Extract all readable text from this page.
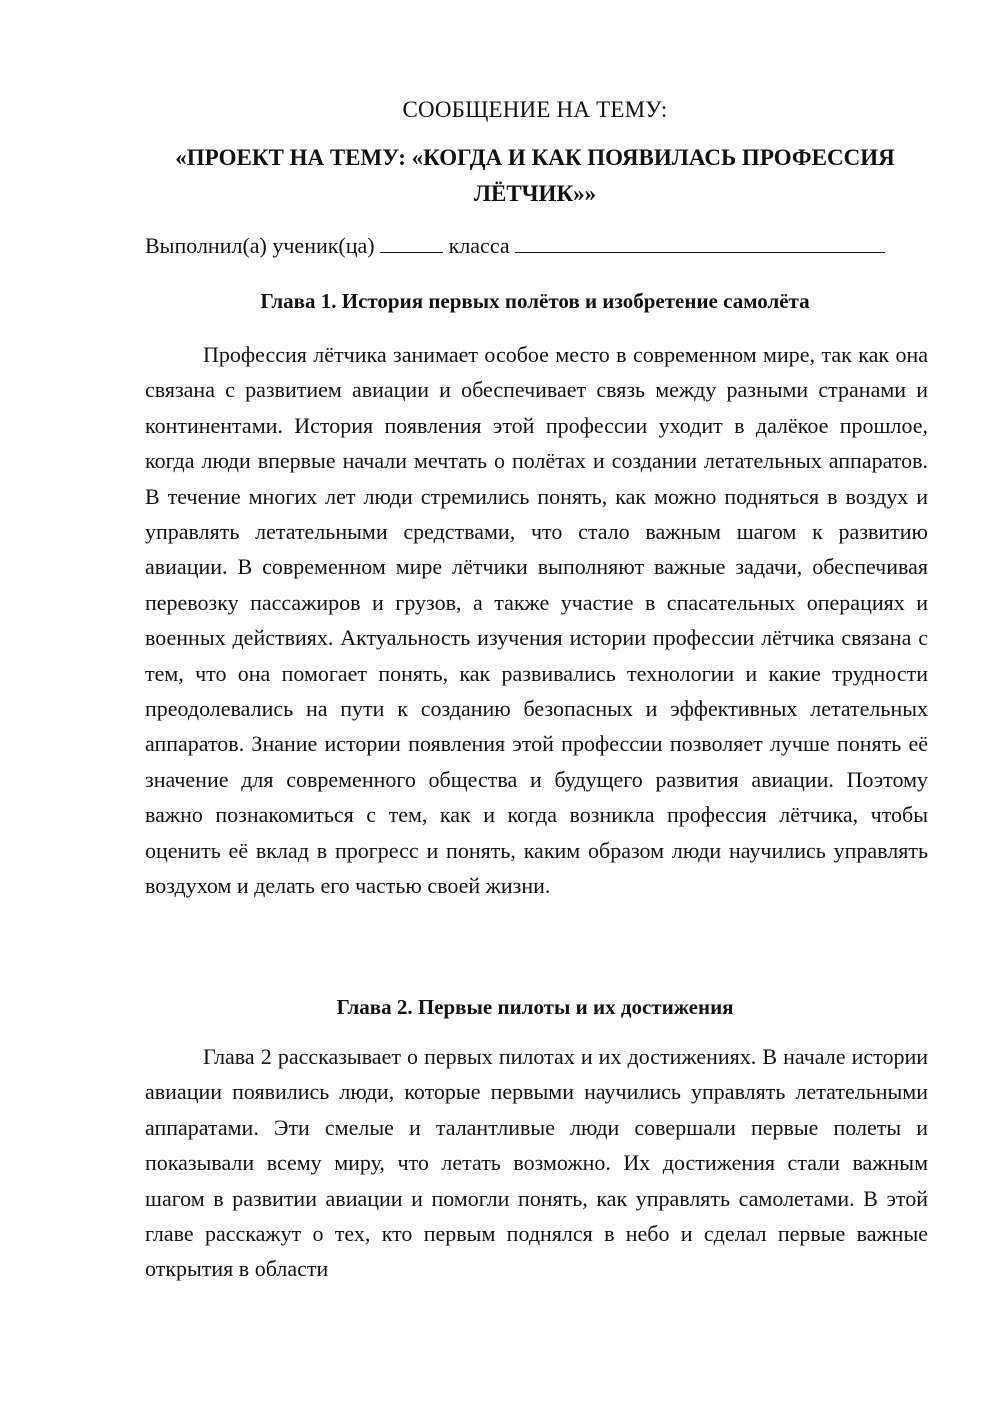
СООБЩЕНИЕ НА ТЕМУ:
«ПРОЕКТ НА ТЕМУ: «КОГДА И КАК ПОЯВИЛАСЬ ПРОФЕССИЯ
ЛЁТЧИК»»
Выполнил(а) ученик(ца)	класса
Глава 1. История первых полётов и изобретение самолёта

Профессия лётчика занимает особое место в современном мире, так как она связана с развитием авиации и обеспечивает связь между разными странами и континентами. История появления этой профессии уходит в далёкое прошлое, когда люди впервые начали мечтать о полётах и создании летательных аппаратов. В течение многих лет люди стремились понять, как можно подняться в воздух и управлять летательными средствами, что стало важным шагом к развитию авиации. В современном мире лётчики выполняют важные задачи, обеспечивая перевозку пассажиров и грузов, а также участие в спасательных операциях и военных действиях. Актуальность изучения истории профессии лётчика связана с тем, что она помогает понять, как развивались технологии и какие трудности преодолевались на пути к созданию безопасных и эффективных летательных аппаратов. Знание истории появления этой профессии позволяет лучше понять её значение для современного общества и будущего развития авиации. Поэтому важно познакомиться с тем, как и когда возникла профессия лётчика, чтобы оценить её вклад в прогресс и понять, каким образом люди научились управлять воздухом и делать его частью своей жизни.

Глава 2. Первые пилоты и их достижения

Глава 2 рассказывает о первых пилотах и их достижениях. В начале истории авиации появились люди, которые первыми научились управлять летательными аппаратами. Эти смелые и талантливые люди совершали первые полеты и показывали всему миру, что летать возможно. Их достижения стали важным шагом в развитии авиации и помогли понять, как управлять самолетами. В этой главе расскажут о тех, кто первым поднялся в небо и сделал первые важные открытия в области
